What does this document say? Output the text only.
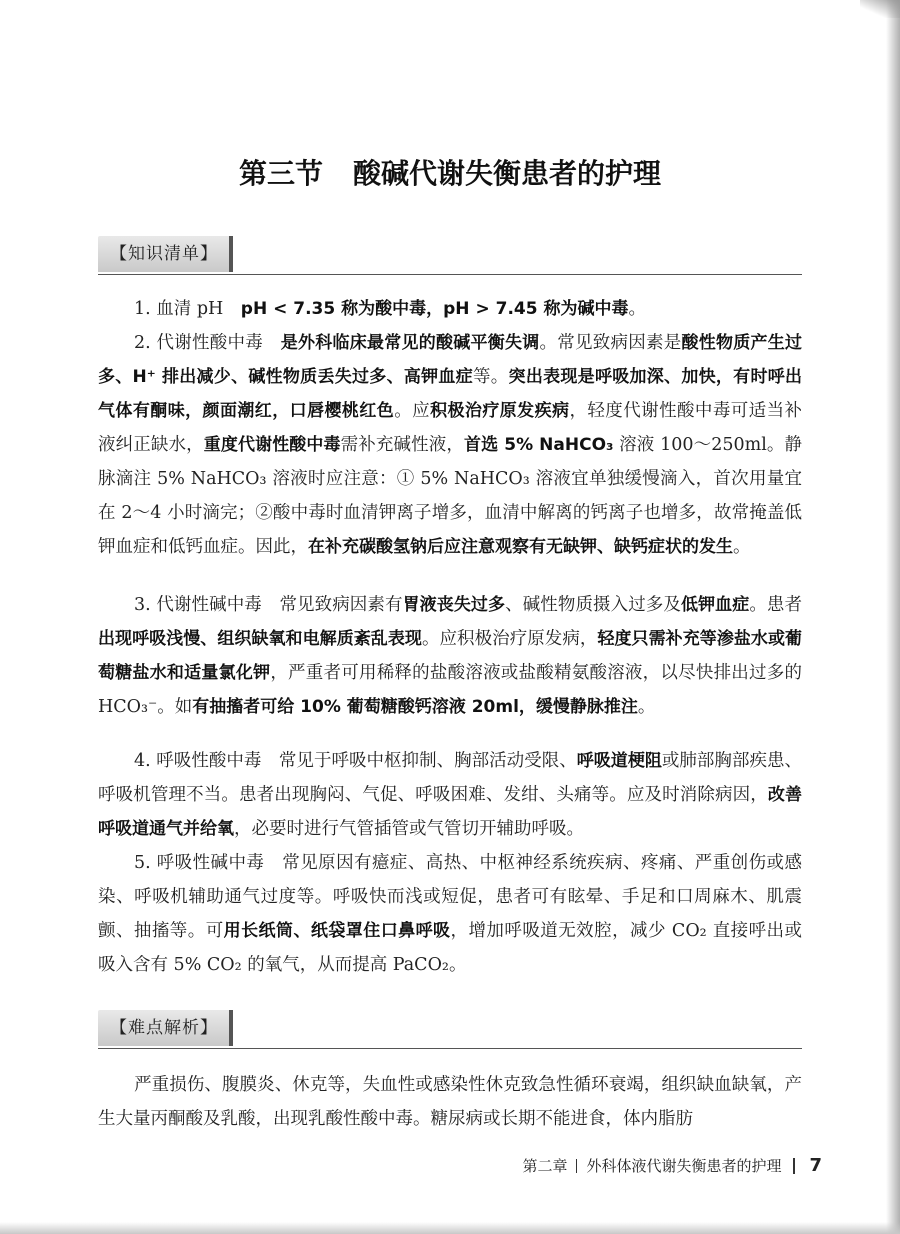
第三节 酸碱代谢失衡患者的护理
【知识清单】

1. 血清 pH　pH < 7.35 称为酸中毒，pH > 7.45 称为碱中毒。

2. 代谢性酸中毒　是外科临床最常见的酸碱平衡失调。常见致病因素是酸性物质产生过多、H⁺ 排出减少、碱性物质丢失过多、高钾血症等。突出表现是呼吸加深、加快，有时呼出气体有酮味，颜面潮红，口唇樱桃红色。应积极治疗原发疾病，轻度代谢性酸中毒可适当补液纠正缺水，重度代谢性酸中毒需补充碱性液，首选 5% NaHCO₃ 溶液 100～250ml。静脉滴注 5% NaHCO₃ 溶液时应注意：① 5% NaHCO₃ 溶液宜单独缓慢滴入，首次用量宜在 2～4 小时滴完；②酸中毒时血清钾离子增多，血清中解离的钙离子也增多，故常掩盖低钾血症和低钙血症。因此，在补充碳酸氢钠后应注意观察有无缺钾、缺钙症状的发生。

3. 代谢性碱中毒　常见致病因素有胃液丧失过多、碱性物质摄入过多及低钾血症。患者出现呼吸浅慢、组织缺氧和电解质紊乱表现。应积极治疗原发病，轻度只需补充等渗盐水或葡萄糖盐水和适量氯化钾，严重者可用稀释的盐酸溶液或盐酸精氨酸溶液，以尽快排出过多的 HCO₃⁻。如有抽搐者可给 10% 葡萄糖酸钙溶液 20ml，缓慢静脉推注。

4. 呼吸性酸中毒　常见于呼吸中枢抑制、胸部活动受限、呼吸道梗阻或肺部胸部疾患、呼吸机管理不当。患者出现胸闷、气促、呼吸困难、发绀、头痛等。应及时消除病因，改善呼吸道通气并给氧，必要时进行气管插管或气管切开辅助呼吸。

5. 呼吸性碱中毒　常见原因有癔症、高热、中枢神经系统疾病、疼痛、严重创伤或感染、呼吸机辅助通气过度等。呼吸快而浅或短促，患者可有眩晕、手足和口周麻木、肌震颤、抽搐等。可用长纸筒、纸袋罩住口鼻呼吸，增加呼吸道无效腔，减少 CO₂ 直接呼出或吸入含有 5% CO₂ 的氧气，从而提高 PaCO₂。

【难点解析】

严重损伤、腹膜炎、休克等，失血性或感染性休克致急性循环衰竭，组织缺血缺氧，产生大量丙酮酸及乳酸，出现乳酸性酸中毒。糖尿病或长期不能进食，体内脂肪

第二章 外科体液代谢失衡患者的护理 7
